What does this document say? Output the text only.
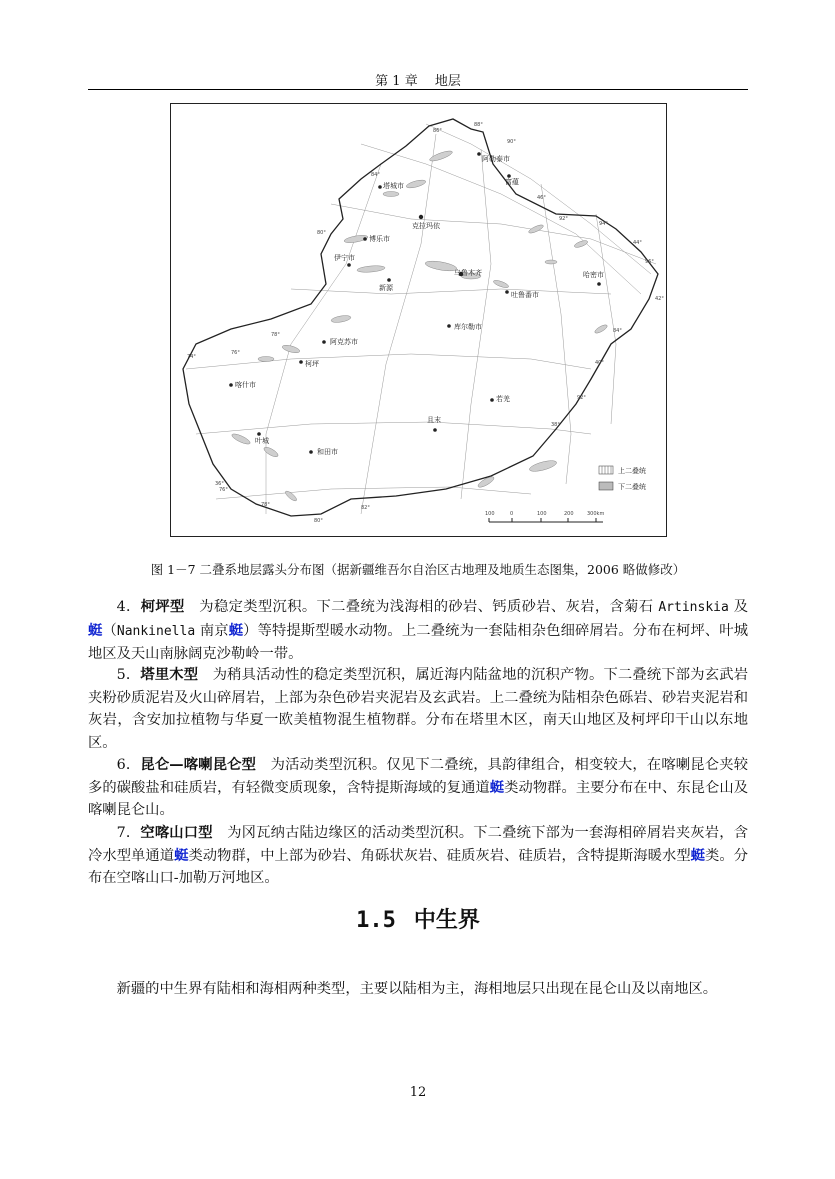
第 1 章　 地层
阿勒泰市
富蕴
塔城市
克拉玛依
博乐市
伊宁市
新源
乌鲁木齐
吐鲁番市
哈密市
库尔勒市
阿克苏市
柯坪
喀什市
若羌
且末
叶城
和田市
86°
88°
90°
84°
46°
92°
94°
80°
44°
96°
42°
78°
84°
74°
76°
40°
92°
38°
36°
76°
78°
80°
82°
上二叠统
下二叠统
100	0	100	200	300km
图 1－7 二叠系地层露头分布图（据新疆维吾尔自治区古地理及地质生态图集，2006 略做修改）

4．柯坪型　为稳定类型沉积。下二叠统为浅海相的砂岩、钙质砂岩、灰岩，含菊石 Artinskia 及蜓（Nankinella 南京蜓）等特提斯型暖水动物。上二叠统为一套陆相杂色细碎屑岩。分布在柯坪、叶城地区及天山南脉阔克沙勒岭一带。

5．塔里木型　为稍具活动性的稳定类型沉积，属近海内陆盆地的沉积产物。下二叠统下部为玄武岩夹粉砂质泥岩及火山碎屑岩，上部为杂色砂岩夹泥岩及玄武岩。上二叠统为陆相杂色砾岩、砂岩夹泥岩和灰岩，含安加拉植物与华夏一欧美植物混生植物群。分布在塔里木区，南天山地区及柯坪印干山以东地区。

6．昆仑—喀喇昆仑型　为活动类型沉积。仅见下二叠统，具韵律组合，相变较大，在喀喇昆仑夹较多的碳酸盐和硅质岩，有轻微变质现象，含特提斯海域的复通道蜓类动物群。主要分布在中、东昆仑山及喀喇昆仑山。

7．空喀山口型　为冈瓦纳古陆边缘区的活动类型沉积。下二叠统下部为一套海相碎屑岩夹灰岩，含冷水型单通道蜓类动物群，中上部为砂岩、角砾状灰岩、硅质灰岩、硅质岩，含特提斯海暖水型蜓类。分布在空喀山口-加勒万河地区。

1.5 中生界

新疆的中生界有陆相和海相两种类型，主要以陆相为主，海相地层只出现在昆仑山及以南地区。

12
